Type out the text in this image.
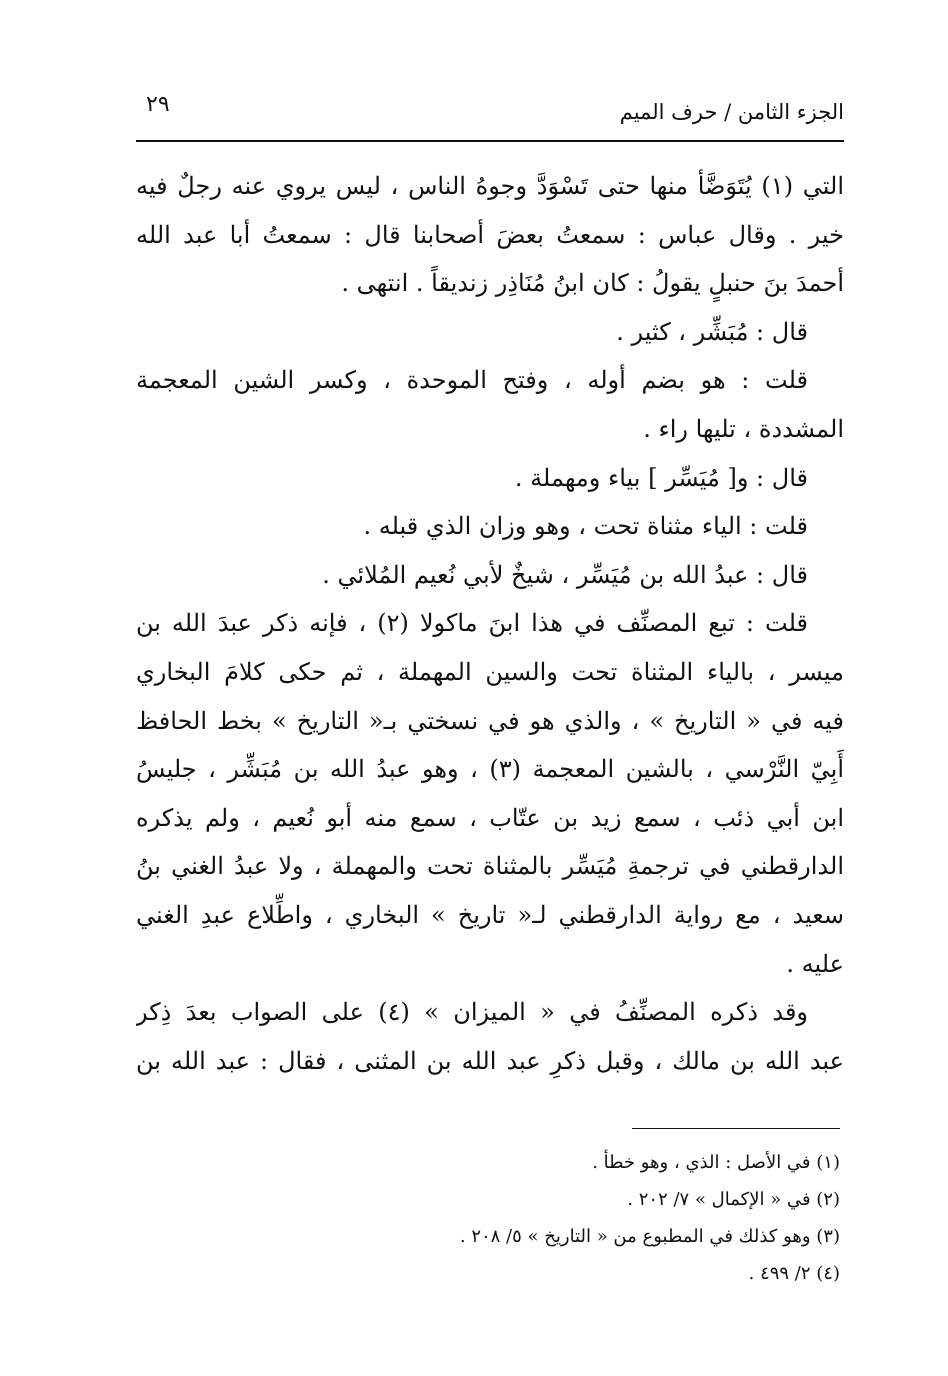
الجزء الثامن / حرف الميم
٢٩
التي (١) يُتَوَضَّأ منها حتى تَسْوَدَّ وجوهُ الناس ، ليس يروي عنه رجلٌ فيه
خير . وقال عباس : سمعتُ بعضَ أصحابنا قال : سمعتُ أبا عبد الله
أحمدَ بنَ حنبلٍ يقولُ : كان ابنُ مُنَاذِر زنديقاً . انتهى .
قال : مُبَشِّر ، كثير .
قلت : هو بضم أوله ، وفتح الموحدة ، وكسر الشين المعجمة
المشددة ، تليها راء .
قال : و[ مُيَسِّر ] بياء ومهملة .
قلت : الياء مثناة تحت ، وهو وزان الذي قبله .
قال : عبدُ الله بن مُيَسِّر ، شيخٌ لأبي نُعيم المُلائي .
قلت : تبع المصنِّف في هذا ابنَ ماكولا (٢) ، فإنه ذكر عبدَ الله بن
ميسر ، بالياء المثناة تحت والسين المهملة ، ثم حكى كلامَ البخاري
فيه في « التاريخ » ، والذي هو في نسختي بـ« التاريخ » بخط الحافظ
أَبِيّ النَّرْسي ، بالشين المعجمة (٣) ، وهو عبدُ الله بن مُبَشِّر ، جليسُ
ابن أبي ذئب ، سمع زيد بن عتّاب ، سمع منه أبو نُعيم ، ولم يذكره
الدارقطني في ترجمةِ مُيَسِّر بالمثناة تحت والمهملة ، ولا عبدُ الغني بنُ
سعيد ، مع رواية الدارقطني لـ« تاريخ » البخاري ، واطِّلاع عبدِ الغني
عليه .
وقد ذكره المصنِّفُ في « الميزان » (٤) على الصواب بعدَ ذِكر
عبد الله بن مالك ، وقبل ذكرِ عبد الله بن المثنى ، فقال : عبد الله بن
(١) في الأصل : الذي ، وهو خطأ .
(٢) في « الإكمال » ٧/ ٢٠٢ .
(٣) وهو كذلك في المطبوع من « التاريخ » ٥/ ٢٠٨ .
(٤) ٢/ ٤٩٩ .
